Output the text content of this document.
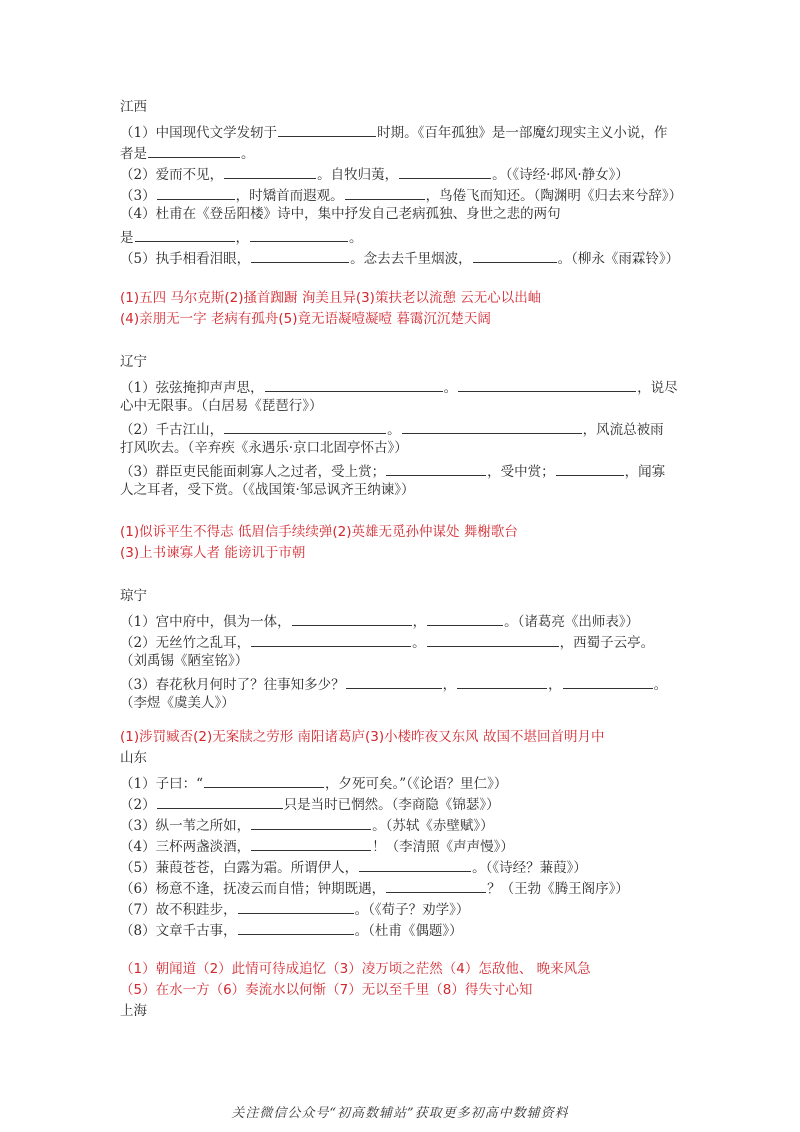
江西

（1）中国现代文学发轫于	时期。《百年孤独》是一部魔幻现实主义小说，作

者是	。

（2）爱而不见，	。自牧归荑，	。（《诗经·邶风·静女》）

（3）	，时矯首而遐观。	，鸟倦飞而知还。（陶渊明《归去来兮辞》）

（4）杜甫在《登岳阳楼》诗中，集中抒发自己老病孤独、身世之悲的两句

是	，	。

（5）执手相看泪眼，	。念去去千里烟波，	。（柳永《雨霖铃》）

(1)五四 马尔克斯(2)搔首踟蹰 洵美且异(3)策扶老以流憩 云无心以出岫

(4)亲朋无一字 老病有孤舟(5)竟无语凝噎凝噎 暮霭沉沉楚天阔

辽宁

（1）弦弦掩抑声声思，	。	，说尽

心中无限事。（白居易《琵琶行》）

（2）千古江山，	。	，风流总被雨

打风吹去。（辛弃疾《永遇乐·京口北固亭怀古》）

（3）群臣吏民能面刺寡人之过者，受上赏；	，受中赏；	，闻寡

人之耳者，受下赏。（《战国策·邹忌讽齐王纳谏》）

(1)似诉平生不得志 低眉信手续续弹(2)英雄无觅孙仲谋处 舞榭歌台

(3)上书谏寡人者 能谤讥于市朝

琼宁

（1）宫中府中，俱为一体，	，	。（诸葛亮《出师表》）

（2）无丝竹之乱耳，	。	，西蜀子云亭。

（刘禹锡《陋室铭》）

（3）春花秋月何时了？往事知多少？	，	，	。

（李煜《虞美人》）

(1)涉罚臧否(2)无案牍之劳形 南阳诸葛庐(3)小楼昨夜又东风 故国不堪回首明月中

山东

（1）子曰：“	，夕死可矣。”（《论语？里仁》）

（2）	只是当时已惘然。（李商隐《锦瑟》）

（3）纵一苇之所如，	。（苏轼《赤壁赋》）

（4）三杯两盏淡酒，	！（李清照《声声慢》）

（5）蒹葭苍苍，白露为霜。所谓伊人，	。（《诗经？蒹葭》）

（6）杨意不逢，抚凌云而自惜；钟期既遇，	？（王勃《腾王阁序》）

（7）故不积跬步，	。（《荀子？劝学》）

（8）文章千古事，	。（杜甫《偶题》）

（1）朝闻道（2）此情可待成追忆（3）凌万顷之茫然（4）怎敌他、 晚来风急

（5）在水一方（6）奏流水以何惭（7）无以至千里（8）得失寸心知

上海

关注微信公众号“初高数辅站”获取更多初高中数辅资料
